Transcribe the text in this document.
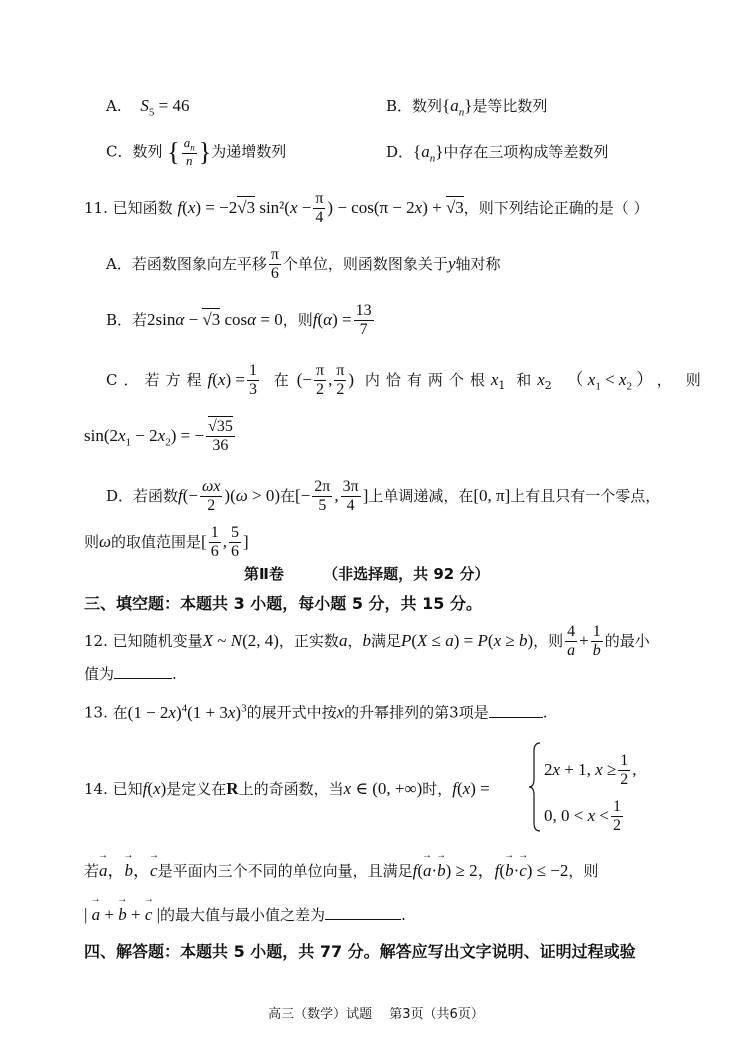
A. $S_5 = 46$	B．数列$\{a_n\}$是等比数列
C．数列 { $\frac{a_n}{n}$ }为递增数列	D．$\{a_n\}$中存在三项构成等差数列
11. 已知函数 f(x) = −2√3 $\sin^2(x - \frac{\pi}{4}$ ) − cos(π − 2x) + √3，则下列结论正确的是（ ）
A．若函数图象向左平移 $\frac{\pi}{6}$ 个单位，则函数图象关于y轴对称
B．若2sinα − √3 cosα = 0，则$f(\alpha) = \frac{13}{7}$
C．若方程$f(x) = \frac{1}{3}$ 在 (− $\frac{\pi}{2}$ , $\frac{\pi}{2}$ ) 内恰有两个根$x_1$ 和 $x_2$ （ $x_1 < x_2$ ） ，则
$\sin(2x_1 - 2x_2)$ = − $\frac{√35}{36}$
D．若函数$f(- \frac{\omega x}{2} )(\omega > 0)$在[− $\frac{2\pi}{5}$ , $\frac{3\pi}{4}$ ]上单调递减，在[0, π]上有且只有一个零点，
则ω的取值范围是[ $\frac{1}{6}$ , $\frac{5}{6}$ ]
第Ⅱ卷	（非选择题，共 92 分）
三、填空题：本题共 3 小题，每小题 5 分，共 15 分。
12. 已知随机变量X ~ N(2, 4)，正实数a，b满足P(X ≤ a) = P(x ≥ b)，则 $\frac{4}{a} + \frac{1}{b}$ 的最小
值为	.
13. 在$(1 - 2x)^4(1 + 3x)^3$的展开式中按x的升幂排列的第3项是	.
14. 已知f(x)是定义在R上的奇函数，当x ∈ (0, +∞)时，f(x) =
2x + 1, $x \ge \frac{1}{2}$ ,
0, $0 < x < \frac{1}{2}$
若→ a，→ b，→ c是平面内三个不同的单位向量，且满足f(→ a·→ b) ≥ 2，f(→ b·→ c) ≤ −2，则
| → a + → b + → c |的最大值与最小值之差为	.
四、解答题：本题共 5 小题，共 77 分。解答应写出文字说明、证明过程或验
高三（数学）试题　 第3页（共6页）
